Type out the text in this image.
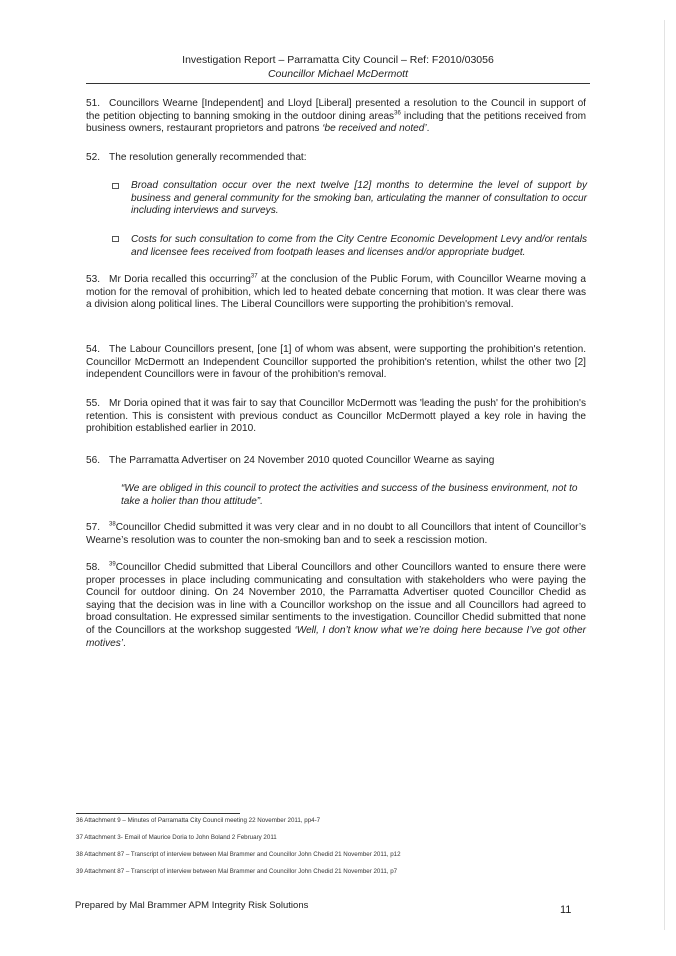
Investigation Report – Parramatta City Council – Ref: F2010/03056
Councillor Michael McDermott
51. Councillors Wearne [Independent] and Lloyd [Liberal] presented a resolution to the Council in support of the petition objecting to banning smoking in the outdoor dining areas$^{36}$ including that the petitions received from business owners, restaurant proprietors and patrons ‘be received and noted’.
52. The resolution generally recommended that:
Broad consultation occur over the next twelve [12] months to determine the level of support by business and general community for the smoking ban, articulating the manner of consultation to occur including interviews and surveys.
Costs for such consultation to come from the City Centre Economic Development Levy and/or rentals and licensee fees received from footpath leases and licenses and/or appropriate budget.
53. Mr Doria recalled this occurring$^{37}$ at the conclusion of the Public Forum, with Councillor Wearne moving a motion for the removal of prohibition, which led to heated debate concerning that motion. It was clear there was a division along political lines. The Liberal Councillors were supporting the prohibition's removal.
54. The Labour Councillors present, [one [1] of whom was absent, were supporting the prohibition's retention. Councillor McDermott an Independent Councillor supported the prohibition's retention, whilst the other two [2] independent Councillors were in favour of the prohibition's removal.
55. Mr Doria opined that it was fair to say that Councillor McDermott was 'leading the push' for the prohibition's retention. This is consistent with previous conduct as Councillor McDermott played a key role in having the prohibition established earlier in 2010.
56. The Parramatta Advertiser on 24 November 2010 quoted Councillor Wearne as saying
“We are obliged in this council to protect the activities and success of the business environment, not to take a holier than thou attitude”.
57. $^{38}$Councillor Chedid submitted it was very clear and in no doubt to all Councillors that intent of Councillor’s Wearne’s resolution was to counter the non-smoking ban and to seek a rescission motion.
58. $^{39}$Councillor Chedid submitted that Liberal Councillors and other Councillors wanted to ensure there were proper processes in place including communicating and consultation with stakeholders who were paying the Council for outdoor dining. On 24 November 2010, the Parramatta Advertiser quoted Councillor Chedid as saying that the decision was in line with a Councillor workshop on the issue and all Councillors had agreed to broad consultation. He expressed similar sentiments to the investigation. Councillor Chedid submitted that none of the Councillors at the workshop suggested ‘Well, I don’t know what we’re doing here because I’ve got other motives’.
36 Attachment 9 – Minutes of Parramatta City Council meeting 22 November 2011, pp4-7
37 Attachment 3- Email of Maurice Doria to John Boland 2 February 2011
38 Attachment 87 – Transcript of interview between Mal Brammer and Councillor John Chedid 21 November 2011, p12
39 Attachment 87 – Transcript of interview between Mal Brammer and Councillor John Chedid 21 November 2011, p7
Prepared by Mal Brammer APM Integrity Risk Solutions	11
